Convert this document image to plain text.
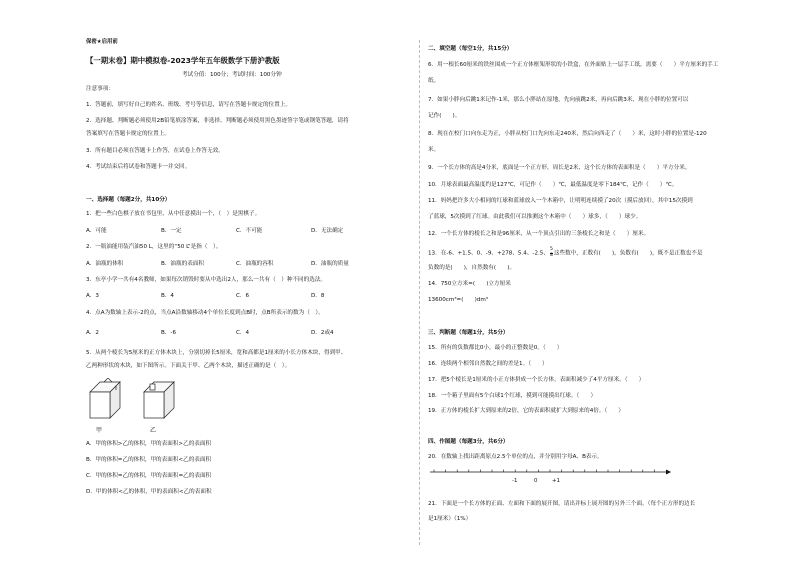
保密★启用前
【一期末卷】期中模拟卷-2023学年五年级数学下册沪教版
考试分值：100分；考试时间：100分钟
注意事项：
1．答题前，填写好自己的姓名、班级、考号等信息，请写在答题卡规定的位置上。
2．选择题、判断题必须使用2B铅笔填涂答案，非选择、判断题必须使用黑色墨迹签字笔或钢笔答题，请将
答案填写在答题卡规定的位置上。
3．所有题目必须在答题卡上作答，在试卷上作答无效。
4．考试结束后将试卷和答题卡一并交回。
一、选择题（每题2分，共10分）
1．把一些白色棋子放在书包里，从中任意摸出一个，（　）是黑棋子。
A．可能	B．一定	C．不可能	D．无法确定
2．一瓶油能用装汽油50 L，这里的“50 L”是指（　）。
A．油瓶的体积	B．油瓶的表面积	C．油瓶的容积	D．油瓶的质量
3．东亭小学一共有4名教师，如果每次销毁时要从中选出2人，那么一共有（　）种不同的选法。
A．3	B．4	C．6	D．8
4．点A为数轴上表示-2的点，当点A沿数轴移动4个单位长度到点B时，点B所表示的数为（　）。
A．2	B．-6	C．4	D．2或4
5．从两个棱长为5厘米的正方体木块上，分别切掉长5厘米，宽和高都是1厘米的小长方体木块，得到甲、
乙两种形状的木块，如下图所示。下面关于甲、乙两个木块，描述正确的是（　）。
甲	乙
A．甲的体积>乙的体积，甲的表面积>乙的表面积
B．甲的体积=乙的体积，甲的表面积<乙的表面积
C．甲的体积=乙的体积，甲的表面积=乙的表面积
D．甲的体积<乙的体积，甲的表面积<乙的表面积
二、填空题（每空1分，共15分）
6．用一根长60厘米的铁丝围成一个正方体框架形状的小铁盒，在外面贴上一层手工纸，需要（　　）平方厘米的手工
纸。
7．如果小胖向后跳1米记作-1米，那么小胖站在原地，先向前跳2米，再向后跳3米，现在小胖的位置可以
记作(　　)。
8．现在在校门口向东走为正，小胖从校门口先向东走240米，然后向西走了（　　）米，这时小胖的位置是-120
米。
9．一个长方体的高是4分米，底面是一个正方形，周长是2米，这个长方体的表面积是（　　）平方分米。
10．月球表面最高温度约是127℃，可记作（　　）℃，最低温度是零下184℃，记作（　　）℃。
11．妈妈把许多大小相同的红球和蓝球放入一个木箱中，让明明连续摸了20次（摸后放回），其中15次摸到
了蓝球，5次摸到了红球。由此我们可以推测这个木箱中（　　）球多，（　　）球少。
12．一个长方体的棱长之和是96厘米，从一个顶点引出的三条棱长之和是（　　）厘米。
13．在-6、+1.5、0、-9、+278、5.4、-2.5、 $\frac{5}{8}$ 这些数中，正数有(　　)，负数有(　　)，既不是正数也不是
负数的是(　　)，自然数有(　　)。
14．750立方米=(　　)立方厘米
13600cm³=(　　)dm³
三、判断题（每题1分，共5分）
15．所有的负数都比0小，最小的正整数是0。（　　）
16．连续两个相邻自然数之间的差是1。（　　）
17．把5个棱长是1厘米的小正方体拼成一个长方体，表面积减少了4平方厘米。（　　）
18．一个箱子里面有5个白球1个红球，摸到可能摸出红球。（　　）
19．正方体的棱长扩大到原来的2倍，它的表面积就扩大到原来的4倍。（　　）
四、作图题（每题3分，共6分）
20．在数轴上找出距离原点2.5个单位的点，并分别用字母A、B表示。
-1	0	+1
21．下面是一个长方体的正面、左面和下面的展开图，请出并标上展开图的另外三个面。（每个正方形的边长
是1厘米）（1%）
